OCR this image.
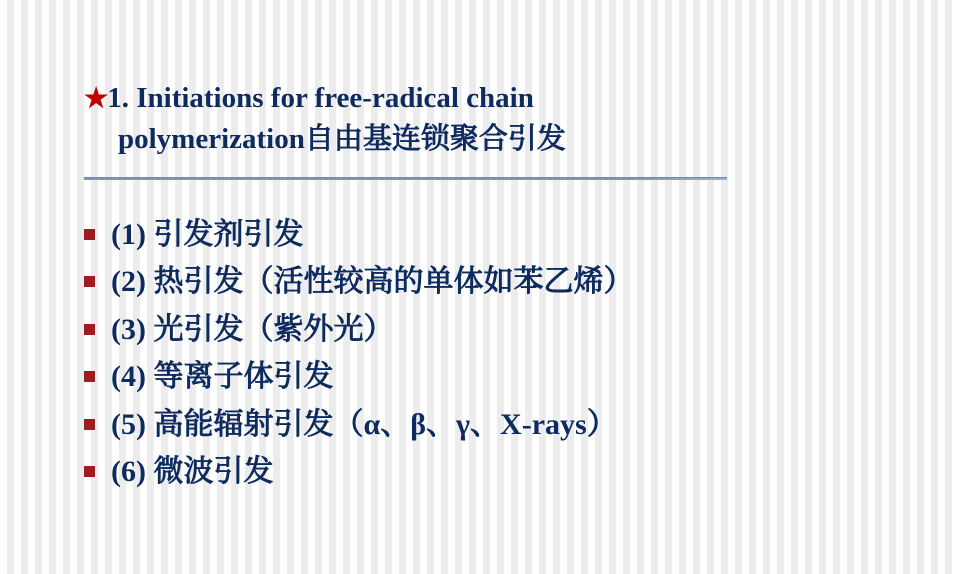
★1. Initiations for free-radical chain
polymerization自由基连锁聚合引发

(1) 引发剂引发
(2) 热引发（活性较高的单体如苯乙烯）
(3) 光引发（紫外光）
(4) 等离子体引发
(5) 高能辐射引发（α、β、γ、X-rays）
(6) 微波引发
